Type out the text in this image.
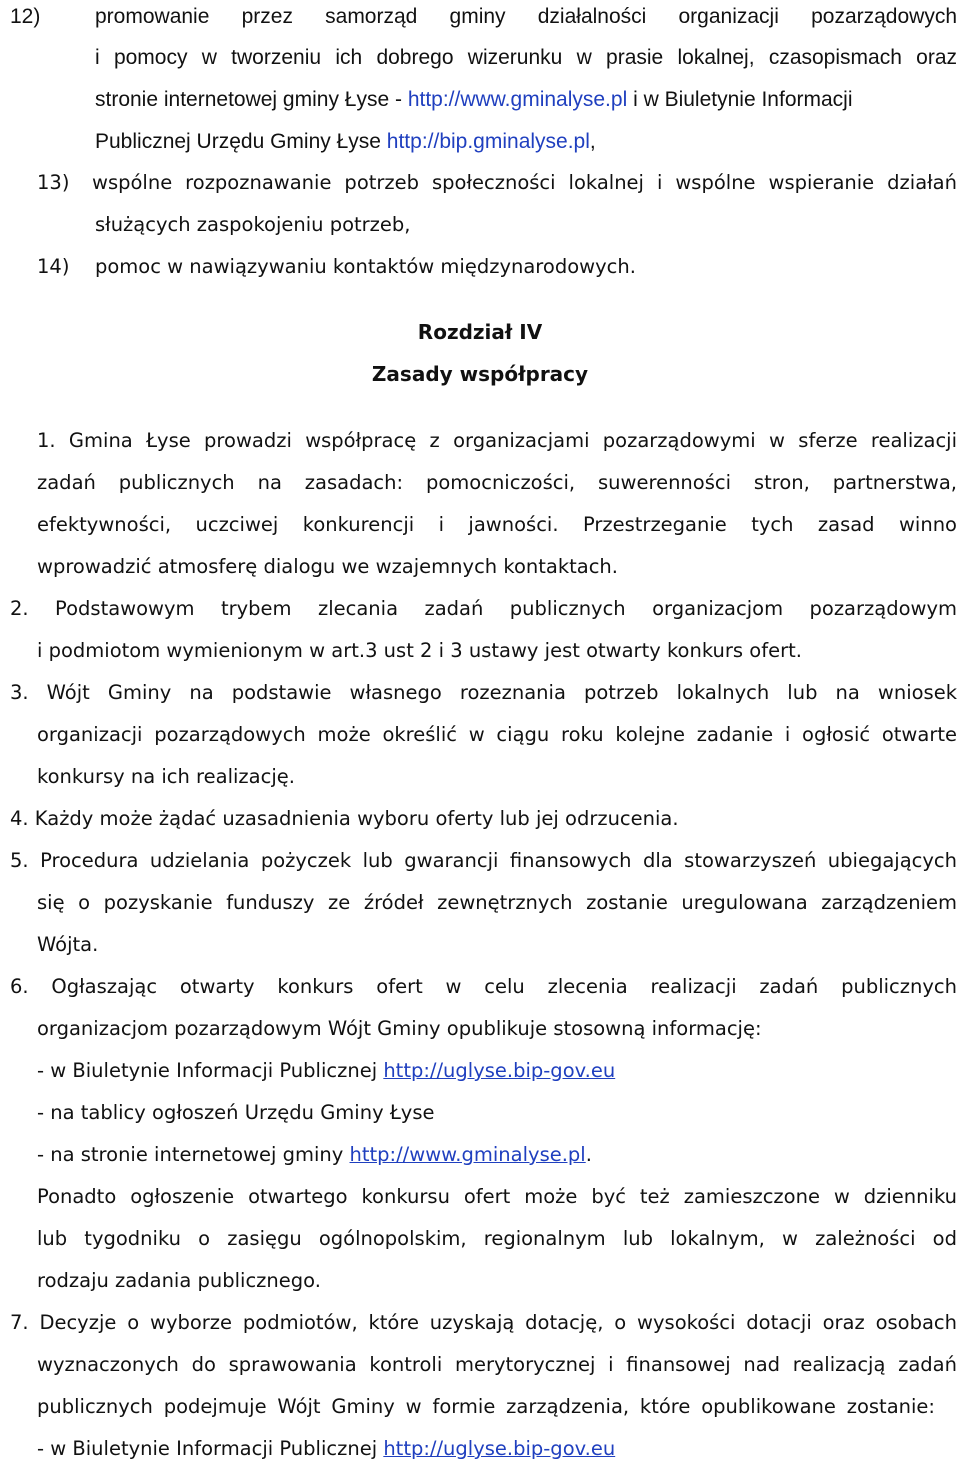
12)	promowanie przez samorząd gminy działalności organizacji pozarządowych
i pomocy w tworzeniu ich dobrego wizerunku w prasie lokalnej, czasopismach oraz
stronie internetowej gminy Łyse - http://www.gminalyse.pl i w Biuletynie Informacji
Publicznej Urzędu Gminy Łyse http://bip.gminalyse.pl,
13) wspólne rozpoznawanie potrzeb społeczności lokalnej i wspólne wspieranie działań
służących zaspokojeniu potrzeb,
14) pomoc w nawiązywaniu kontaktów międzynarodowych.
Rozdział IV
Zasady współpracy
1. Gmina Łyse prowadzi współpracę z organizacjami pozarządowymi w sferze realizacji
zadań publicznych na zasadach: pomocniczości, suwerenności stron, partnerstwa,
efektywności, uczciwej konkurencji i jawności. Przestrzeganie tych zasad winno
wprowadzić atmosferę dialogu we wzajemnych kontaktach.
2. Podstawowym trybem zlecania zadań publicznych organizacjom pozarządowym
i podmiotom wymienionym w art.3 ust 2 i 3 ustawy jest otwarty konkurs ofert.
3. Wójt Gminy na podstawie własnego rozeznania potrzeb lokalnych lub na wniosek
organizacji pozarządowych może określić w ciągu roku kolejne zadanie i ogłosić otwarte
konkursy na ich realizację.
4. Każdy może żądać uzasadnienia wyboru oferty lub jej odrzucenia.
5. Procedura udzielania pożyczek lub gwarancji finansowych dla stowarzyszeń ubiegających
się o pozyskanie funduszy ze źródeł zewnętrznych zostanie uregulowana zarządzeniem
Wójta.
6. Ogłaszając otwarty konkurs ofert w celu zlecenia realizacji zadań publicznych
organizacjom pozarządowym Wójt Gminy opublikuje stosowną informację:
- w Biuletynie Informacji Publicznej http://uglyse.bip-gov.eu
- na tablicy ogłoszeń Urzędu Gminy Łyse
- na stronie internetowej gminy http://www.gminalyse.pl.
Ponadto ogłoszenie otwartego konkursu ofert może być też zamieszczone w dzienniku
lub tygodniku o zasięgu ogólnopolskim, regionalnym lub lokalnym, w zależności od
rodzaju zadania publicznego.
7. Decyzje o wyborze podmiotów, które uzyskają dotację, o wysokości dotacji oraz osobach
wyznaczonych do sprawowania kontroli merytorycznej i finansowej nad realizacją zadań
publicznych podejmuje Wójt Gminy w formie zarządzenia, które opublikowane zostanie:
- w Biuletynie Informacji Publicznej http://uglyse.bip-gov.eu
